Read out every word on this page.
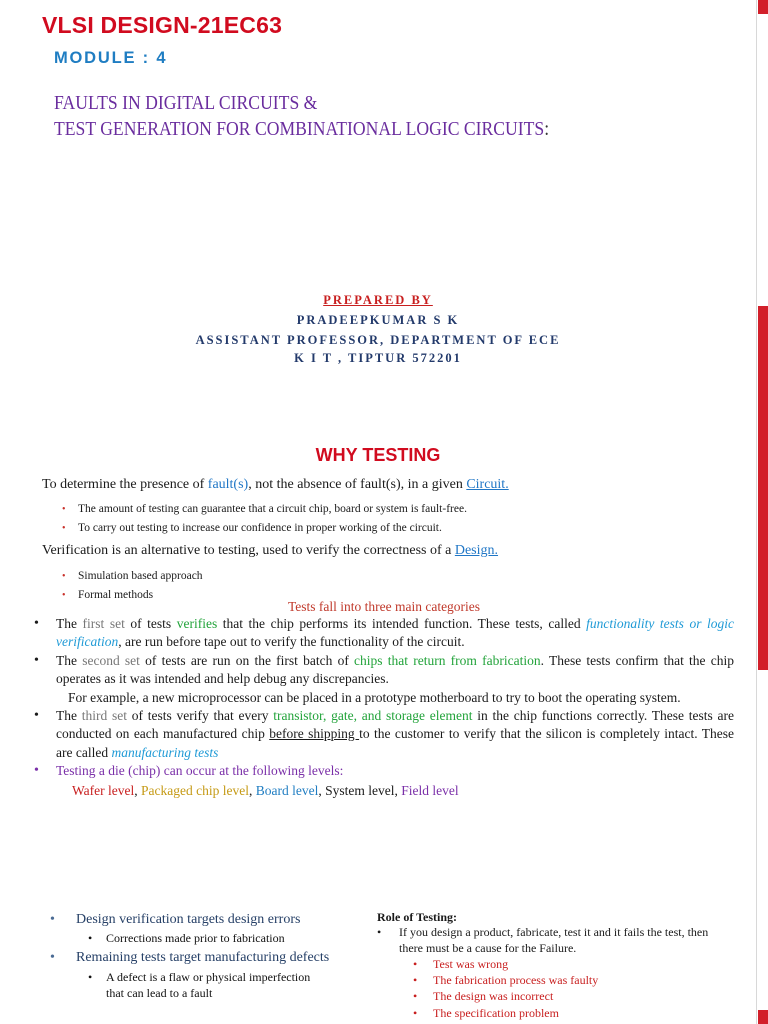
VLSI DESIGN-21EC63
MODULE : 4
FAULTS IN DIGITAL CIRCUITS &
TEST GENERATION FOR COMBINATIONAL LOGIC CIRCUITS:
PREPARED BY
PRADEEPKUMAR S K
ASSISTANT PROFESSOR, DEPARTMENT OF ECE
K I T , TIPTUR 572201
WHY TESTING
To determine the presence of fault(s), not the absence of fault(s), in a given Circuit.
• The amount of testing can guarantee that a circuit chip, board or system is fault-free.
• To carry out testing to increase our confidence in proper working of the circuit.
Verification is an alternative to testing, used to verify the correctness of a Design.
• Simulation based approach
• Formal methods
Tests fall into three main categories
• The first set of tests verifies that the chip performs its intended function. These tests, called functionality tests or logic verification, are run before tape out to verify the functionality of the circuit.
• The second set of tests are run on the first batch of chips that return from fabrication. These tests confirm that the chip operates as it was intended and help debug any discrepancies.
For example, a new microprocessor can be placed in a prototype motherboard to try to boot the operating system.
• The third set of tests verify that every transistor, gate, and storage element in the chip functions correctly. These tests are conducted on each manufactured chip before shipping to the customer to verify that the silicon is completely intact. These are called manufacturing tests
• Testing a die (chip) can occur at the following levels:
Wafer level, Packaged chip level, Board level, System level, Field level
• Design verification targets design errors
• Corrections made prior to fabrication
• Remaining tests target manufacturing defects
• A defect is a flaw or physical imperfection that can lead to a fault
Role of Testing:
• If you design a product, fabricate, test it and it fails the test, then there must be a cause for the Failure.
• Test was wrong
• The fabrication process was faulty
• The design was incorrect
• The specification problem
